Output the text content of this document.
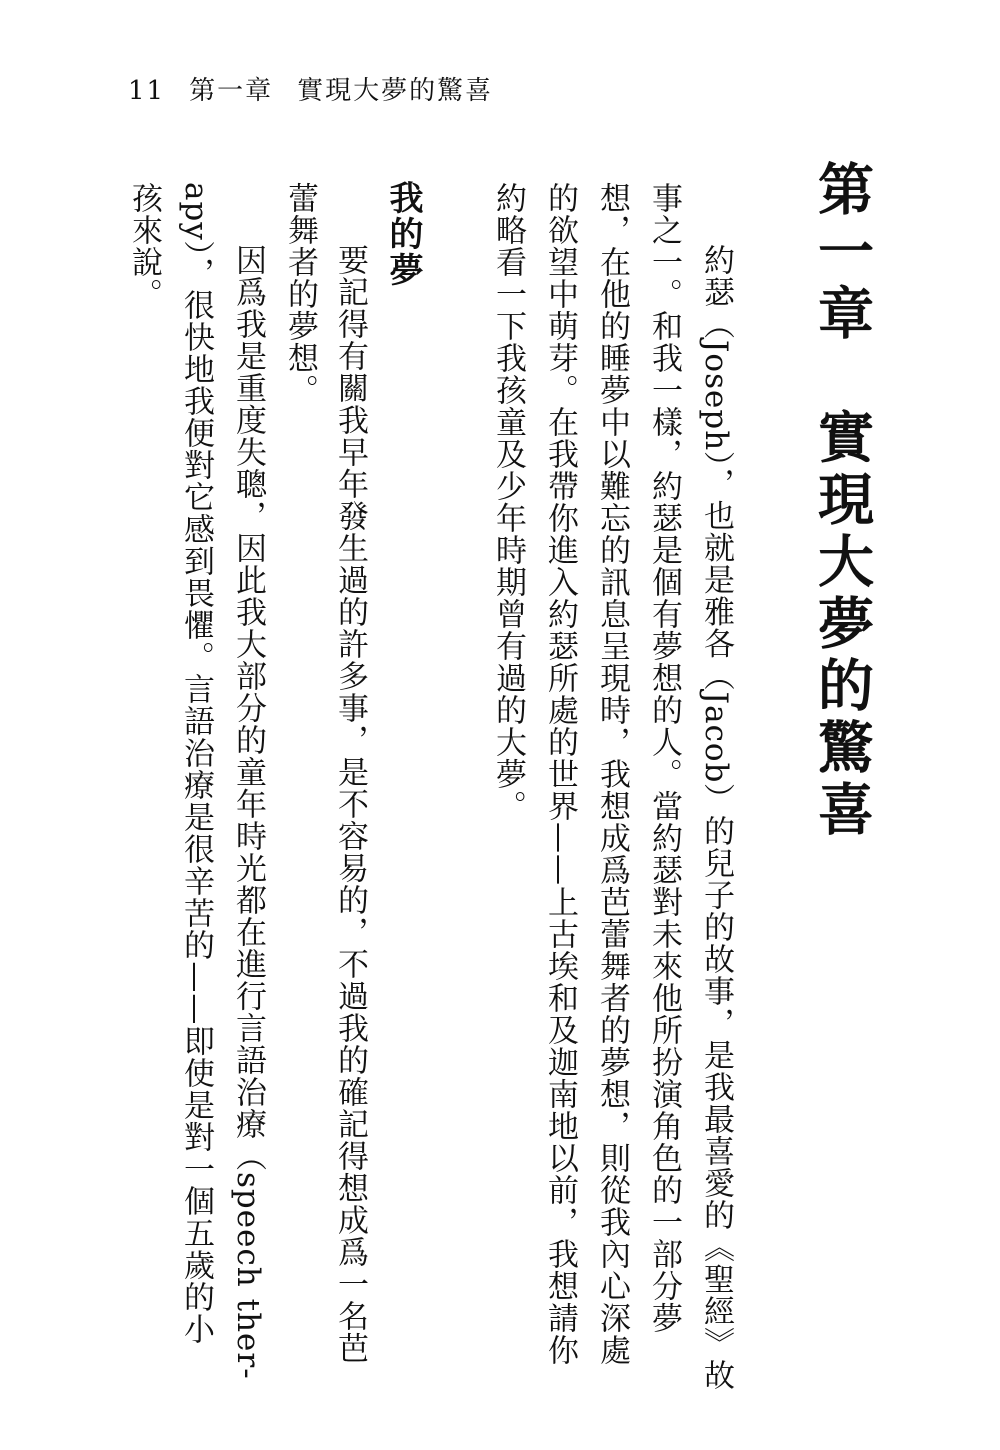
11 第一章 實現大夢的驚喜
第一章　實現大夢的驚喜
約瑟（Joseph），也就是雅各（Jacob）的兒子的故事，是我最喜愛的《聖經》故
事之一。和我一樣，約瑟是個有夢想的人。當約瑟對未來他所扮演角色的一部分夢
想，在他的睡夢中以難忘的訊息呈現時，我想成爲芭蕾舞者的夢想，則從我內心深處
的欲望中萌芽。在我帶你進入約瑟所處的世界——上古埃和及迦南地以前，我想請你
約略看一下我孩童及少年時期曾有過的大夢。
我的夢
要記得有關我早年發生過的許多事，是不容易的，不過我的確記得想成爲一名芭
蕾舞者的夢想。
因爲我是重度失聰，因此我大部分的童年時光都在進行言語治療（speech ther-
apy），很快地我便對它感到畏懼。言語治療是很辛苦的——即使是對一個五歲的小
孩來說。
